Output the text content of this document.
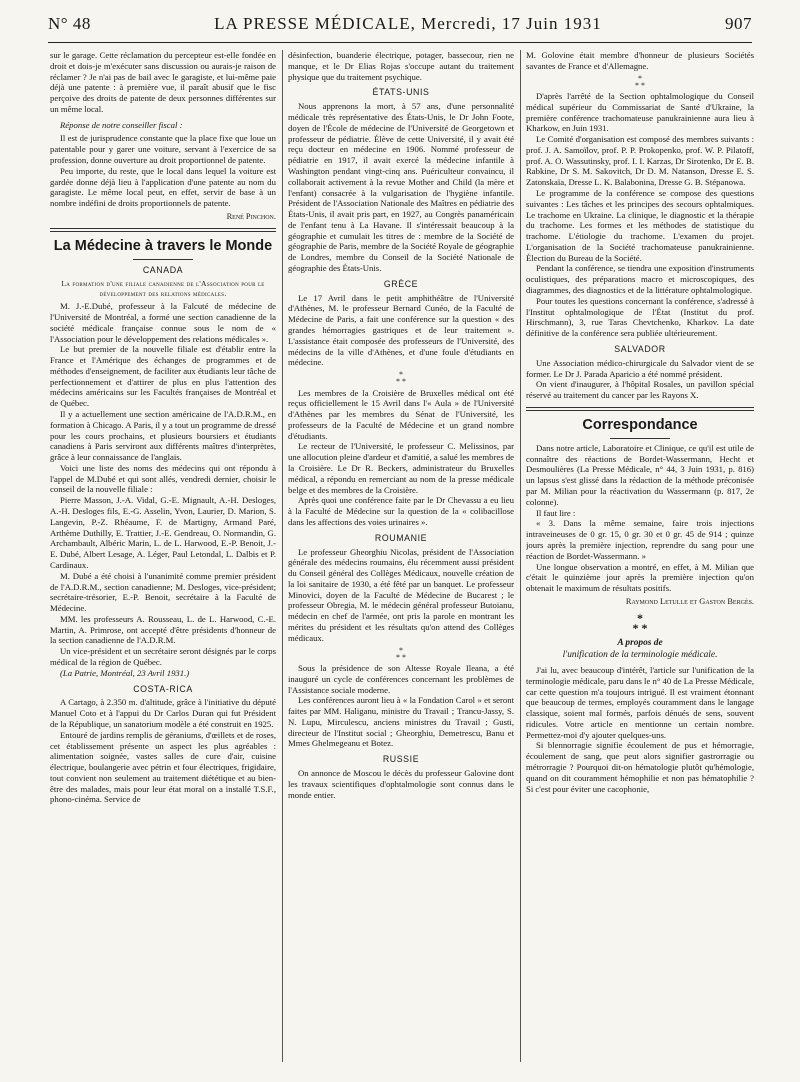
N° 48	LA PRESSE MÉDICALE, Mercredi, 17 Juin 1931	907

sur le garage. Cette réclamation du percepteur est-elle fondée en droit et dois-je m'exécuter sans discussion ou aurais-je raison de réclamer ? Je n'ai pas de bail avec le garagiste, et lui-même paie déjà une patente : à première vue, il paraît abusif que le fisc perçoive des droits de patente de deux personnes différentes sur un même local.

Réponse de notre conseiller fiscal :

Il est de jurisprudence constante que la place fixe que loue un patentable pour y garer une voiture, servant à l'exercice de sa profession, donne ouverture au droit proportionnel de patente.

Peu importe, du reste, que le local dans lequel la voiture est gardée donne déjà lieu à l'application d'une patente au nom du garagiste. Le même local peut, en effet, servir de base à un nombre indéfini de droits proportionnels de patente.

René Pinchon.
La Médecine à travers le Monde
CANADA
La formation d'une filiale canadienne de l'Association pour le développement des relations médicales.

M. J.-E.Dubé, professeur à la Falcuté de médecine de l'Université de Montréal, a formé une section canadienne de la société médicale française connue sous le nom de « l'Association pour le développement des relations médicales ».

Le but premier de la nouvelle filiale est d'établir entre la France et l'Amérique des échanges de programmes et de méthodes d'enseignement, de faciliter aux étudiants leur tâche de perfectionnement et d'attirer de plus en plus l'attention des médecins américains sur les Facultés françaises de Montréal et de Québec.

Il y a actuellement une section américaine de l'A.D.R.M., en formation à Chicago. A Paris, il y a tout un programme de dressé pour les cours prochains, et plusieurs boursiers et étudiants canadiens à Paris serviront aux différents maîtres d'interprètes, grâce à leur connaissance de l'anglais.

Voici une liste des noms des médecins qui ont répondu à l'appel de M.Dubé et qui sont allés, vendredi dernier, choisir le conseil de la nouvelle filiale :

Pierre Masson, J.-A. Vidal, G.-E. Mignault, A.-H. Desloges, A.-H. Desloges fils, E.-G. Asselin, Yvon, Laurier, D. Marion, S. Langevin, P.-Z. Rhéaume, F. de Martigny, Armand Paré, Arthème Duthilly, E. Trattier, J.-E. Gendreau, O. Normandin, G. Archambault, Albéric Marin, L. de L. Harwood, E.-P. Benoit, J.-E. Dubé, Albert Lesage, A. Léger, Paul Letondal, L. Dalbis et P. Cardinaux.

M. Dubé a été choisi à l'unanimité comme premier président de l'A.D.R.M., section canadienne; M. Desloges, vice-président; secrétaire-trésorier, E.-P. Benoit, secrétaire à la Faculté de Médecine.

MM. les professeurs A. Rousseau, L. de L. Harwood, C.-E. Martin, A. Primrose, ont accepté d'être présidents d'honneur de la section canadienne de l'A.D.R.M.

Un vice-président et un secrétaire seront désignés par le corps médical de la région de Québec.

(La Patrie, Montréal, 23 Avril 1931.)

COSTA-RICA

A Cartago, à 2.350 m. d'altitude, grâce à l'initiative du député Manuel Coto et à l'appui du Dr Carlos Duran qui fut Président de la République, un sanatorium modèle a été construit en 1925.

Entouré de jardins remplis de géraniums, d'œillets et de roses, cet établissement présente un aspect les plus agréables : alimentation soignée, vastes salles de cure d'air, cuisine électrique, boulangerie avec pétrin et four électriques, frigidaire, tout convient non seulement au traitement diététique et au bien-être des malades, mais pour leur état moral on a installé T.S.F., phono-cinéma. Service de

désinfection, buanderie électrique, potager, bassecour, rien ne manque, et le Dr Elias Rojas s'occupe autant du traitement physique que du traitement psychique.

ÉTATS-UNIS

Nous apprenons la mort, à 57 ans, d'une personnalité médicale très représentative des États-Unis, le Dr John Foote, doyen de l'École de médecine de l'Université de Georgetown et professeur de pédiatrie. Élève de cette Université, il y avait été reçu docteur en médecine en 1906. Nommé professeur de pédiatrie en 1917, il avait exercé la médecine infantile à Washington pendant vingt-cinq ans. Puériculteur convaincu, il collaborait activement à la revue Mother and Child (la mère et l'enfant) consacrée à la vulgarisation de l'hygiène infantile. Président de l'Association Nationale des Maîtres en pédiatrie des États-Unis, il avait pris part, en 1927, au Congrès panaméricain de l'enfant tenu à La Havane. Il s'intéressait beaucoup à la géographie et cumulait les titres de : membre de la Société de géographie de Paris, membre de la Société Royale de géographie de Londres, membre du Conseil de la Société Nationale de géographie des États-Unis.

GRÈCE

Le 17 Avril dans le petit amphithéâtre de l'Université d'Athènes, M. le professeur Bernard Cunéo, de la Faculté de Médecine de Paris, a fait une conférence sur la question « des grandes hémorragies gastriques et de leur traitement ». L'assistance était composée des professeurs de l'Université, des médecins de la ville d'Athènes, et d'une foule d'étudiants en médecine.

*
* *

Les membres de la Croisière de Bruxelles médical ont été reçus officiellement le 15 Avril dans l'« Aula » de l'Université d'Athènes par les membres du Sénat de l'Université, les professeurs de la Faculté de Médecine et un grand nombre d'étudiants.

Le recteur de l'Université, le professeur C. Melissinos, par une allocution pleine d'ardeur et d'amitié, a salué les membres de la Croisière. Le Dr R. Beckers, administrateur du Bruxelles médical, a répondu en remerciant au nom de la presse médicale belge et des membres de la Croisière.

Après quoi une conférence faite par le Dr Chevassu a eu lieu à la Faculté de Médecine sur la question de la « colibacillose dans les affections des voies urinaires ».

ROUMANIE

Le professeur Gheorghiu Nicolas, président de l'Association générale des médecins roumains, élu récemment aussi président du Conseil général des Collèges Médicaux, nouvelle création de la loi sanitaire de 1930, a été fêté par un banquet. Le professeur Minovici, doyen de la Faculté de Médecine de Bucarest ; le professeur Obregia, M. le médecin général professeur Butoianu, médecin en chef de l'armée, ont pris la parole en montrant les mérites du président et les résultats qu'on attend des Collèges médicaux.

*
* *

Sous la présidence de son Altesse Royale Ileana, a été inauguré un cycle de conférences concernant les problèmes de l'Assistance sociale moderne.

Les conférences auront lieu à « la Fondation Carol » et seront faites par MM. Haliganu, ministre du Travail ; Trancu-Jassy, S. N. Lupu, Mirculescu, anciens ministres du Travail ; Gusti, directeur de l'Institut social ; Gheorghiu, Demetrescu, Banu et Mmes Ghelmegeanu et Botez.

RUSSIE

On annonce de Moscou le décès du professeur Galovine dont les travaux scientifiques d'ophtalmologie sont connus dans le monde entier.

M. Golovine était membre d'honneur de plusieurs Sociétés savantes de France et d'Allemagne.

*
* *

D'après l'arrêté de la Section ophtalmologique du Conseil médical supérieur du Commissariat de Santé d'Ukraine, la première conférence trachomateuse panukrainienne aura lieu à Kharkow, en Juin 1931.

Le Comité d'organisation est composé des membres suivants : prof. J. A. Samoïlov, prof. P. P. Prokopenko, prof. W. P. Pilatoff, prof. A. O. Wassutinsky, prof. I. I. Karzas, Dr Sirotenko, Dr E. B. Rabkine, Dr S. M. Sakovitch, Dr D. M. Natanson, Dresse E. S. Zatonskaïa, Dresse L. K. Balabonina, Dresse G. B. Stépanowa.

Le programme de la conférence se compose des questions suivantes : Les tâches et les principes des secours ophtalmiques. Le trachome en Ukraine. La clinique, le diagnostic et la thérapie du trachome. Les formes et les méthodes de statistique du trachome. L'étiologie du trachome. L'examen du projet. L'organisation de la Société trachomateuse panukrainienne. Élection du Bureau de la Société.

Pendant la conférence, se tiendra une exposition d'instruments oculistiques, des préparations macro et microscopiques, des diagrammes, des diagnostics et de la littérature ophtalmologique.

Pour toutes les questions concernant la conférence, s'adressé à l'Institut ophtalmologique de l'État (Institut du prof. Hirschmann), 3, rue Taras Chevtchenko, Kharkov. La date définitive de la conférence sera publiée ultérieurement.

SALVADOR

Une Association médico-chirurgicale du Salvador vient de se former. Le Dr J. Parada Aparicio a été nommé président.

On vient d'inaugurer, à l'hôpital Rosales, un pavillon spécial réservé au traitement du cancer par les Rayons X.

Correspondance

Dans notre article, Laboratoire et Clinique, ce qu'il est utile de connaître des réactions de Bordet-Wassermann, Hecht et Desmoulières (La Presse Médicale, n° 44, 3 Juin 1931, p. 816) un lapsus s'est glissé dans la rédaction de la méthode préconisée par M. Milian pour la réactivation du Wassermann (p. 817, 2e colonne).

Il faut lire :

« 3. Dans la même semaine, faire trois injections intraveineuses de 0 gr. 15, 0 gr. 30 et 0 gr. 45 de 914 ; quinze jours après la première injection, reprendre du sang pour une réaction de Bordet-Wassermann. »

Une longue observation a montré, en effet, à M. Milian que c'était le quinzième jour après la première injection qu'on obtenait le maximum de résultats positifs.

Raymond Letulle et Gaston Bergès.
*
* *
A propos de
l'unification de la terminologie médicale.

J'ai lu, avec beaucoup d'intérêt, l'article sur l'unification de la terminologie médicale, paru dans le n° 40 de La Presse Médicale, car cette question m'a toujours intrigué. Il est vraiment étonnant que beaucoup de termes, employés couramment dans le langage classique, soient mal formés, parfois dénués de sens, souvent ridicules. Votre article en mentionne un certain nombre. Permettez-moi d'y ajouter quelques-uns.

Si blennorragie signifie écoulement de pus et hémorragie, écoulement de sang, que peut alors signifier gastrorragie ou métrorragie ? Pourquoi dit-on hématologie plutôt qu'hémologie, quand on dit couramment hémophilie et non pas hématophilie ? Si c'est pour éviter une cacophonie,
